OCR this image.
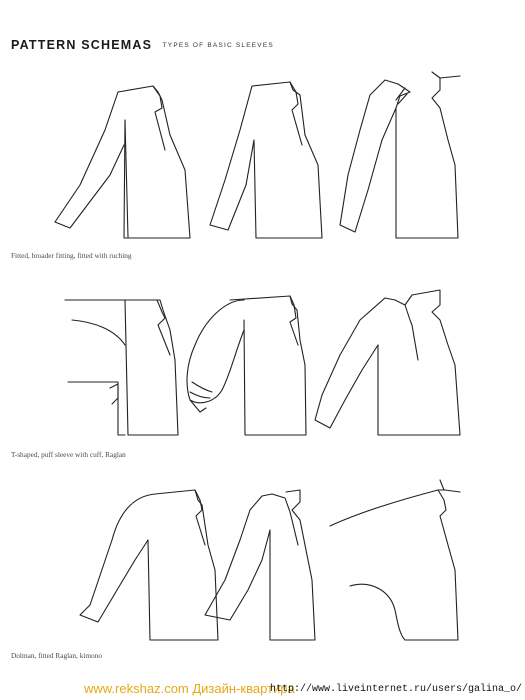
PATTERN SCHEMAS TYPES OF BASIC SLEEVES
Fitted, broader fitting, fitted with ruching
T-shaped, puff sleeve with cuff, Raglan
Dolman, fitted Raglan, kimono
www.rekshaz.com Дизайн-квартира
http://www.liveinternet.ru/users/galina_o/
